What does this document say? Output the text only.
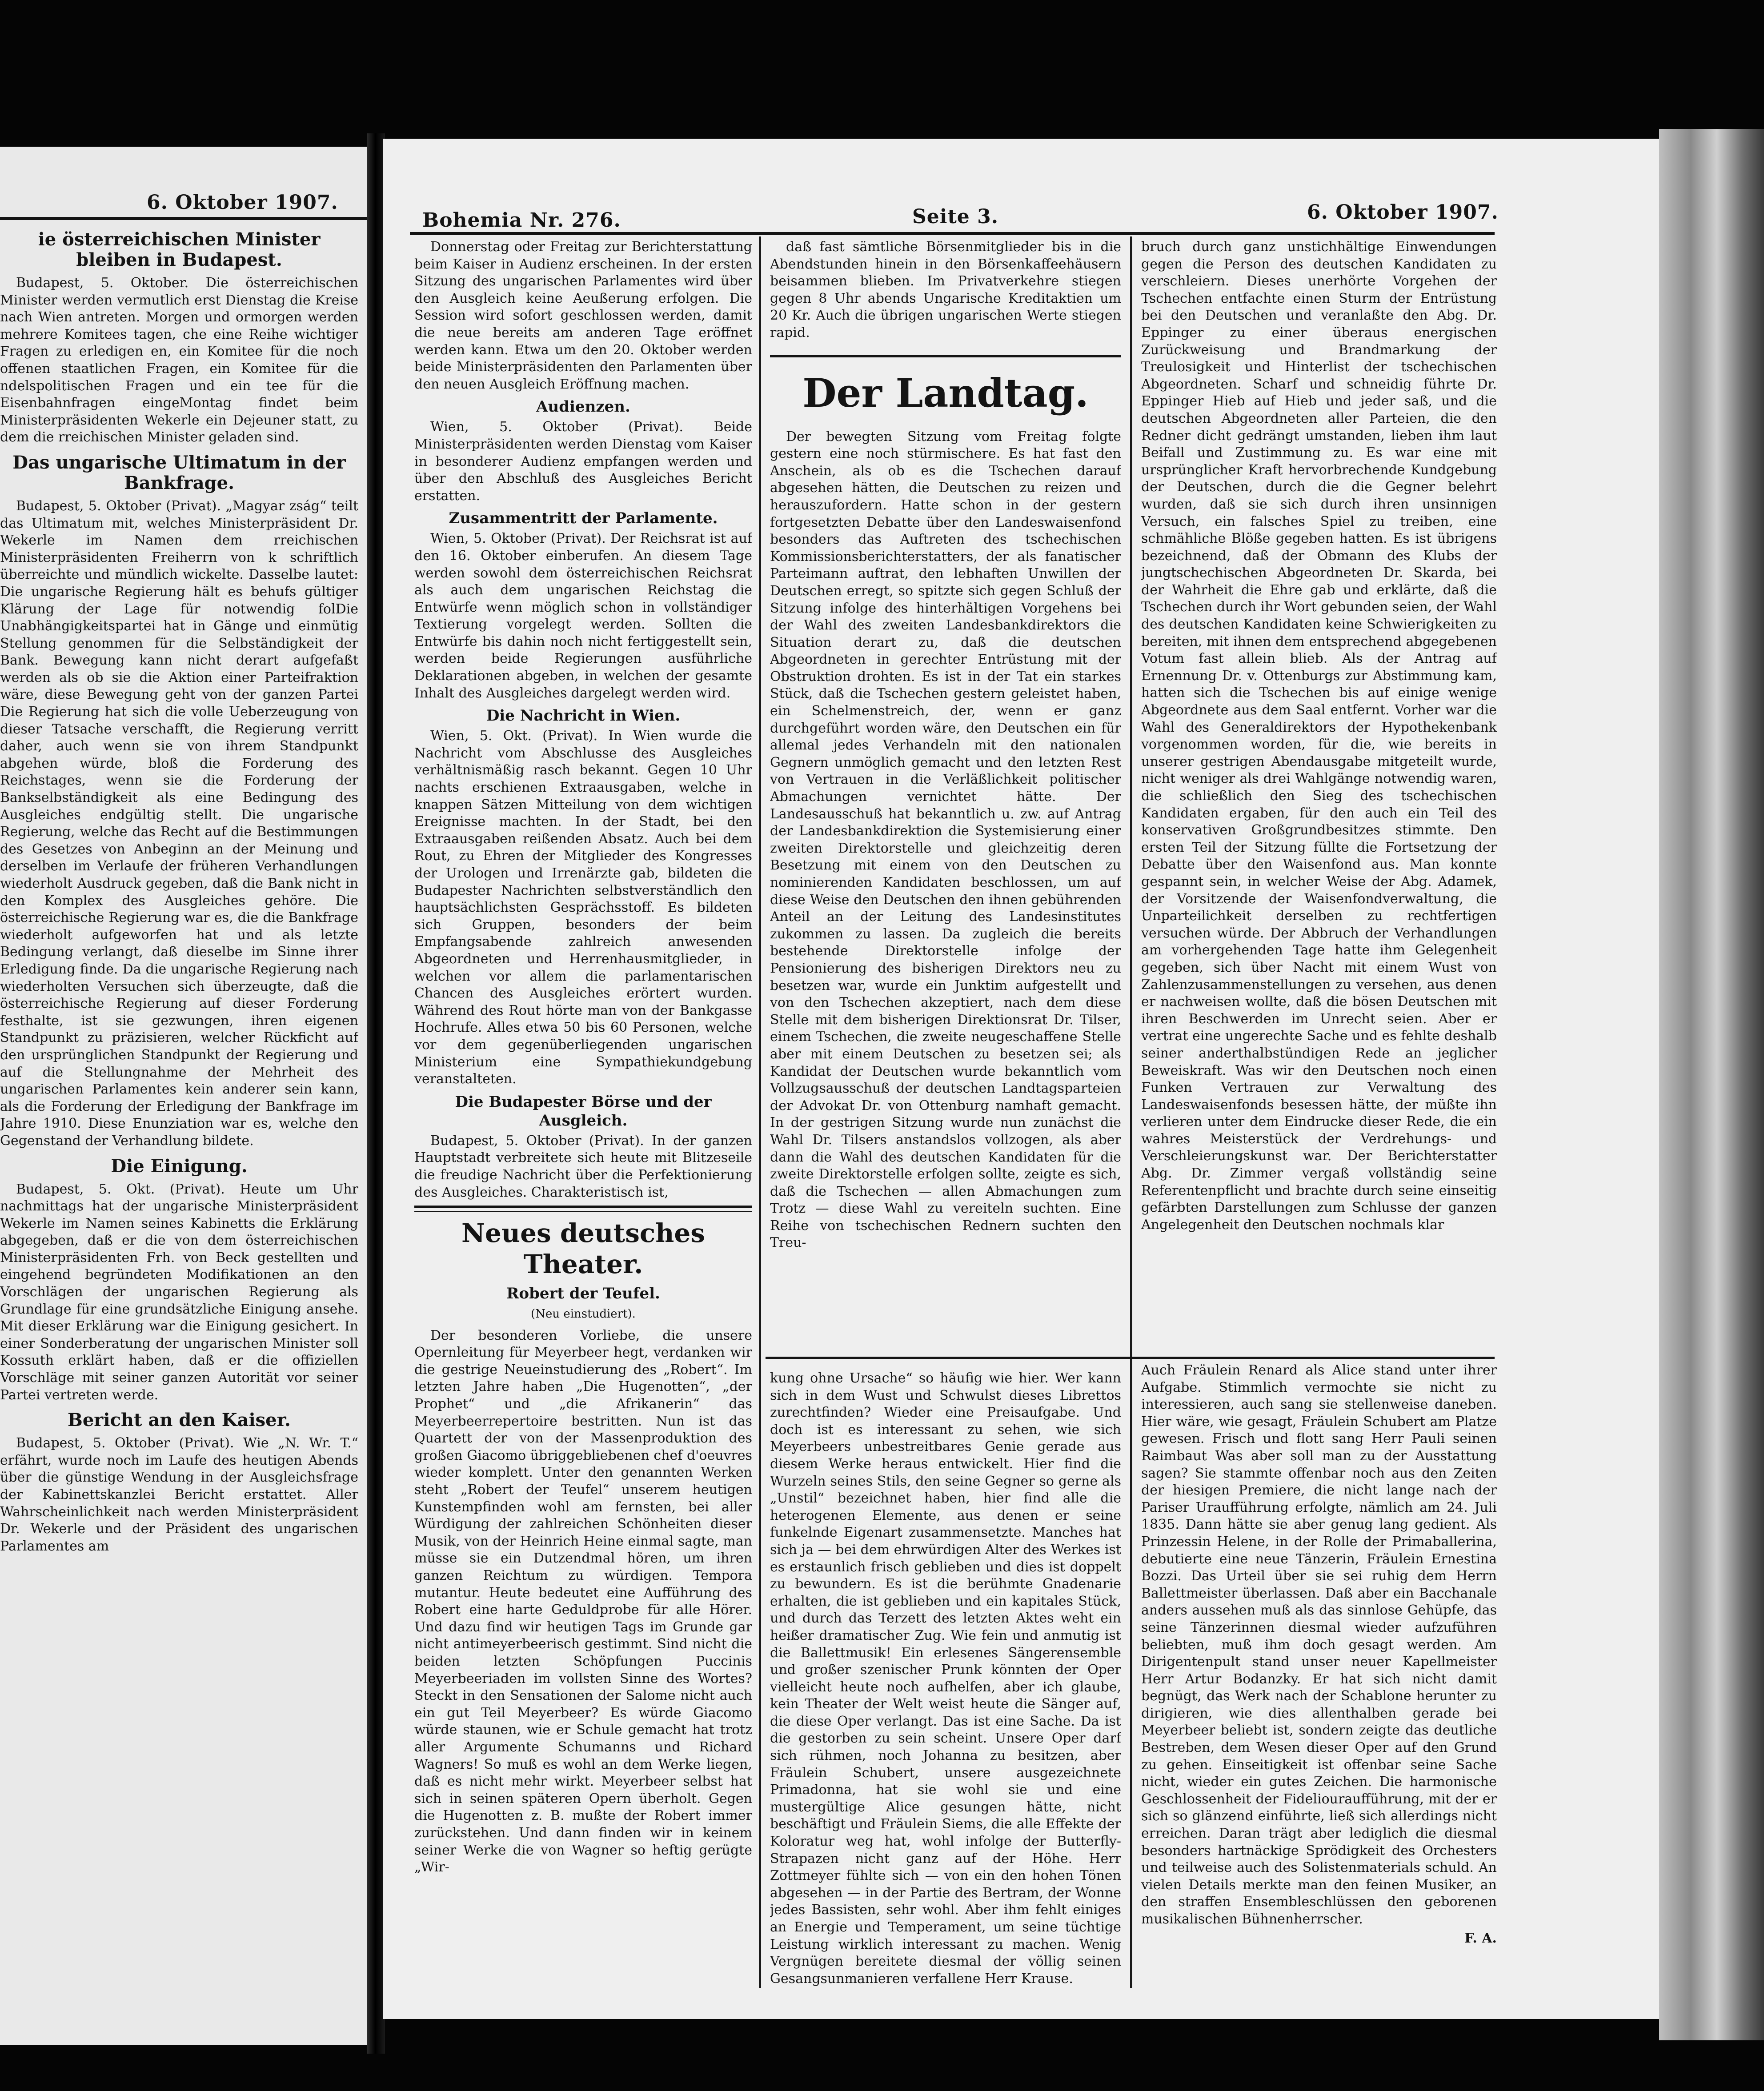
6. Oktober 1907.
ie österreichischen Minister bleiben in Budapest.

Budapest, 5. Oktober. Die österreichischen Minister werden vermutlich erst Dienstag die Kreise nach Wien antreten. Morgen und ormorgen werden mehrere Komitees tagen, che eine Reihe wichtiger Fragen zu erledigen en, ein Komitee für die noch offenen staatlichen Fragen, ein Komitee für die ndelspolitischen Fragen und ein tee für die Eisenbahnfragen eingeMontag findet beim Ministerpräsidenten Wekerle ein Dejeuner statt, zu dem die rreichischen Minister geladen sind.

Das ungarische Ultimatum in der Bankfrage.

Budapest, 5. Oktober (Privat). „Magyar zság“ teilt das Ultimatum mit, welches Ministerpräsident Dr. Wekerle im Namen dem rreichischen Ministerpräsidenten Freiherrn von k schriftlich überreichte und mündlich wickelte. Dasselbe lautet: Die ungarische Regierung hält es behufs gültiger Klärung der Lage für notwendig folDie Unabhängigkeitspartei hat in Gänge und einmütig Stellung genommen für die Selbständigkeit der Bank. Bewegung kann nicht derart aufgefaßt werden als ob sie die Aktion einer Parteifraktion wäre, diese Bewegung geht von der ganzen Partei Die Regierung hat sich die volle Ueberzeugung von dieser Tatsache verschafft, die Regierung verritt daher, auch wenn sie von ihrem Standpunkt abgehen würde, bloß die Forderung des Reichstages, wenn sie die Forderung der Bankselbständigkeit als eine Bedingung des Ausgleiches endgültig stellt. Die ungarische Regierung, welche das Recht auf die Bestimmungen des Gesetzes von Anbeginn an der Meinung und derselben im Verlaufe der früheren Verhandlungen wiederholt Ausdruck gegeben, daß die Bank nicht in den Komplex des Ausgleiches gehöre. Die österreichische Regierung war es, die die Bankfrage wiederholt aufgeworfen hat und als letzte Bedingung verlangt, daß dieselbe im Sinne ihrer Erledigung finde. Da die ungarische Regierung nach wiederholten Versuchen sich überzeugte, daß die österreichische Regierung auf dieser Forderung festhalte, ist sie gezwungen, ihren eigenen Standpunkt zu präzisieren, welcher Rückficht auf den ursprünglichen Standpunkt der Regierung und auf die Stellungnahme der Mehrheit des ungarischen Parlamentes kein anderer sein kann, als die Forderung der Erledigung der Bankfrage im Jahre 1910. Diese Enunziation war es, welche den Gegenstand der Verhandlung bildete.

Die Einigung.

Budapest, 5. Okt. (Privat). Heute um Uhr nachmittags hat der ungarische Ministerpräsident Wekerle im Namen seines Kabinetts die Erklärung abgegeben, daß er die von dem österreichischen Ministerpräsidenten Frh. von Beck gestellten und eingehend begründeten Modifikationen an den Vorschlägen der ungarischen Regierung als Grundlage für eine grundsätzliche Einigung ansehe. Mit dieser Erklärung war die Einigung gesichert. In einer Sonderberatung der ungarischen Minister soll Kossuth erklärt haben, daß er die offiziellen Vorschläge mit seiner ganzen Autorität vor seiner Partei vertreten werde.

Bericht an den Kaiser.

Budapest, 5. Oktober (Privat). Wie „N. Wr. T.“ erfährt, wurde noch im Laufe des heutigen Abends über die günstige Wendung in der Ausgleichsfrage der Kabinettskanzlei Bericht erstattet. Aller Wahrscheinlichkeit nach werden Ministerpräsident Dr. Wekerle und der Präsident des ungarischen Parlamentes am

Bohemia Nr. 276.	Seite 3.	6. Oktober 1907.

Donnerstag oder Freitag zur Berichterstattung beim Kaiser in Audienz erscheinen. In der ersten Sitzung des ungarischen Parlamentes wird über den Ausgleich keine Aeußerung erfolgen. Die Session wird sofort geschlossen werden, damit die neue bereits am anderen Tage eröffnet werden kann. Etwa um den 20. Oktober werden beide Ministerpräsidenten den Parlamenten über den neuen Ausgleich Eröffnung machen.

Audienzen.

Wien, 5. Oktober (Privat). Beide Ministerpräsidenten werden Dienstag vom Kaiser in besonderer Audienz empfangen werden und über den Abschluß des Ausgleiches Bericht erstatten.

Zusammentritt der Parlamente.

Wien, 5. Oktober (Privat). Der Reichsrat ist auf den 16. Oktober einberufen. An diesem Tage werden sowohl dem österreichischen Reichsrat als auch dem ungarischen Reichstag die Entwürfe wenn möglich schon in vollständiger Textierung vorgelegt werden. Sollten die Entwürfe bis dahin noch nicht fertiggestellt sein, werden beide Regierungen ausführliche Deklarationen abgeben, in welchen der gesamte Inhalt des Ausgleiches dargelegt werden wird.

Die Nachricht in Wien.

Wien, 5. Okt. (Privat). In Wien wurde die Nachricht vom Abschlusse des Ausgleiches verhältnismäßig rasch bekannt. Gegen 10 Uhr nachts erschienen Extraausgaben, welche in knappen Sätzen Mitteilung von dem wichtigen Ereignisse machten. In der Stadt, bei den Extraausgaben reißenden Absatz. Auch bei dem Rout, zu Ehren der Mitglieder des Kongresses der Urologen und Irrenärzte gab, bildeten die Budapester Nachrichten selbstverständlich den hauptsächlichsten Gesprächsstoff. Es bildeten sich Gruppen, besonders der beim Empfangsabende zahlreich anwesenden Abgeordneten und Herrenhausmitglieder, in welchen vor allem die parlamentarischen Chancen des Ausgleiches erörtert wurden. Während des Rout hörte man von der Bankgasse Hochrufe. Alles etwa 50 bis 60 Personen, welche vor dem gegenüberliegenden ungarischen Ministerium eine Sympathiekundgebung veranstalteten.

Die Budapester Börse und der Ausgleich.

Budapest, 5. Oktober (Privat). In der ganzen Hauptstadt verbreitete sich heute mit Blitzeseile die freudige Nachricht über die Perfektionierung des Ausgleiches. Charakteristisch ist,

Neues deutsches Theater.
Robert der Teufel.
(Neu einstudiert).

Der besonderen Vorliebe, die unsere Opernleitung für Meyerbeer hegt, verdanken wir die gestrige Neueinstudierung des „Robert“. Im letzten Jahre haben „Die Hugenotten“, „der Prophet“ und „die Afrikanerin“ das Meyerbeerrepertoire bestritten. Nun ist das Quartett der von der Massenproduktion des großen Giacomo übriggebliebenen chef d'oeuvres wieder komplett. Unter den genannten Werken steht „Robert der Teufel“ unserem heutigen Kunstempfinden wohl am fernsten, bei aller Würdigung der zahlreichen Schönheiten dieser Musik, von der Heinrich Heine einmal sagte, man müsse sie ein Dutzendmal hören, um ihren ganzen Reichtum zu würdigen. Tempora mutantur. Heute bedeutet eine Aufführung des Robert eine harte Geduldprobe für alle Hörer. Und dazu find wir heutigen Tags im Grunde gar nicht antimeyerbeerisch gestimmt. Sind nicht die beiden letzten Schöpfungen Puccinis Meyerbeeriaden im vollsten Sinne des Wortes? Steckt in den Sensationen der Salome nicht auch ein gut Teil Meyerbeer? Es würde Giacomo würde staunen, wie er Schule gemacht hat trotz aller Argumente Schumanns und Richard Wagners! So muß es wohl an dem Werke liegen, daß es nicht mehr wirkt. Meyerbeer selbst hat sich in seinen späteren Opern überholt. Gegen die Hugenotten z. B. mußte der Robert immer zurückstehen. Und dann finden wir in keinem seiner Werke die von Wagner so heftig gerügte „Wir-

daß fast sämtliche Börsenmitglieder bis in die Abendstunden hinein in den Börsenkaffeehäusern beisammen blieben. Im Privatverkehre stiegen gegen 8 Uhr abends Ungarische Kreditaktien um 20 Kr. Auch die übrigen ungarischen Werte stiegen rapid.

Der Landtag.

Der bewegten Sitzung vom Freitag folgte gestern eine noch stürmischere. Es hat fast den Anschein, als ob es die Tschechen darauf abgesehen hätten, die Deutschen zu reizen und herauszufordern. Hatte schon in der gestern fortgesetzten Debatte über den Landeswaisenfond besonders das Auftreten des tschechischen Kommissionsberichterstatters, der als fanatischer Parteimann auftrat, den lebhaften Unwillen der Deutschen erregt, so spitzte sich gegen Schluß der Sitzung infolge des hinterhältigen Vorgehens bei der Wahl des zweiten Landesbankdirektors die Situation derart zu, daß die deutschen Abgeordneten in gerechter Entrüstung mit der Obstruktion drohten. Es ist in der Tat ein starkes Stück, daß die Tschechen gestern geleistet haben, ein Schelmenstreich, der, wenn er ganz durchgeführt worden wäre, den Deutschen ein für allemal jedes Verhandeln mit den nationalen Gegnern unmöglich gemacht und den letzten Rest von Vertrauen in die Verläßlichkeit politischer Abmachungen vernichtet hätte. Der Landesausschuß hat bekanntlich u. zw. auf Antrag der Landesbankdirektion die Systemisierung einer zweiten Direktorstelle und gleichzeitig deren Besetzung mit einem von den Deutschen zu nominierenden Kandidaten beschlossen, um auf diese Weise den Deutschen den ihnen gebührenden Anteil an der Leitung des Landesinstitutes zukommen zu lassen. Da zugleich die bereits bestehende Direktorstelle infolge der Pensionierung des bisherigen Direktors neu zu besetzen war, wurde ein Junktim aufgestellt und von den Tschechen akzeptiert, nach dem diese Stelle mit dem bisherigen Direktionsrat Dr. Tilser, einem Tschechen, die zweite neugeschaffene Stelle aber mit einem Deutschen zu besetzen sei; als Kandidat der Deutschen wurde bekanntlich vom Vollzugsausschuß der deutschen Landtagsparteien der Advokat Dr. von Ottenburg namhaft gemacht. In der gestrigen Sitzung wurde nun zunächst die Wahl Dr. Tilsers anstandslos vollzogen, als aber dann die Wahl des deutschen Kandidaten für die zweite Direktorstelle erfolgen sollte, zeigte es sich, daß die Tschechen — allen Abmachungen zum Trotz — diese Wahl zu vereiteln suchten. Eine Reihe von tschechischen Rednern suchten den Treu-

kung ohne Ursache“ so häufig wie hier. Wer kann sich in dem Wust und Schwulst dieses Librettos zurechtfinden? Wieder eine Preisaufgabe. Und doch ist es interessant zu sehen, wie sich Meyerbeers unbestreitbares Genie gerade aus diesem Werke heraus entwickelt. Hier find die Wurzeln seines Stils, den seine Gegner so gerne als „Unstil“ bezeichnet haben, hier find alle die heterogenen Elemente, aus denen er seine funkelnde Eigenart zusammensetzte. Manches hat sich ja — bei dem ehrwürdigen Alter des Werkes ist es erstaunlich frisch geblieben und dies ist doppelt zu bewundern. Es ist die berühmte Gnadenarie erhalten, die ist geblieben und ein kapitales Stück, und durch das Terzett des letzten Aktes weht ein heißer dramatischer Zug. Wie fein und anmutig ist die Ballettmusik! Ein erlesenes Sängerensemble und großer szenischer Prunk könnten der Oper vielleicht heute noch aufhelfen, aber ich glaube, kein Theater der Welt weist heute die Sänger auf, die diese Oper verlangt. Das ist eine Sache. Da ist die gestorben zu sein scheint. Unsere Oper darf sich rühmen, noch Johanna zu besitzen, aber Fräulein Schubert, unsere ausgezeichnete Primadonna, hat sie wohl sie und eine mustergültige Alice gesungen hätte, nicht beschäftigt und Fräulein Siems, die alle Effekte der Koloratur weg hat, wohl infolge der Butterfly-Strapazen nicht ganz auf der Höhe. Herr Zottmeyer fühlte sich — von ein den hohen Tönen abgesehen — in der Partie des Bertram, der Wonne jedes Bassisten, sehr wohl. Aber ihm fehlt einiges an Energie und Temperament, um seine tüchtige Leistung wirklich interessant zu machen. Wenig Vergnügen bereitete diesmal der völlig seinen Gesangsunmanieren verfallene Herr Krause.

bruch durch ganz unstichhältige Einwendungen gegen die Person des deutschen Kandidaten zu verschleiern. Dieses unerhörte Vorgehen der Tschechen entfachte einen Sturm der Entrüstung bei den Deutschen und veranlaßte den Abg. Dr. Eppinger zu einer überaus energischen Zurückweisung und Brandmarkung der Treulosigkeit und Hinterlist der tschechischen Abgeordneten. Scharf und schneidig führte Dr. Eppinger Hieb auf Hieb und jeder saß, und die deutschen Abgeordneten aller Parteien, die den Redner dicht gedrängt umstanden, lieben ihm laut Beifall und Zustimmung zu. Es war eine mit ursprünglicher Kraft hervorbrechende Kundgebung der Deutschen, durch die die Gegner belehrt wurden, daß sie sich durch ihren unsinnigen Versuch, ein falsches Spiel zu treiben, eine schmähliche Blöße gegeben hatten. Es ist übrigens bezeichnend, daß der Obmann des Klubs der jungtschechischen Abgeordneten Dr. Skarda, bei der Wahrheit die Ehre gab und erklärte, daß die Tschechen durch ihr Wort gebunden seien, der Wahl des deutschen Kandidaten keine Schwierigkeiten zu bereiten, mit ihnen dem entsprechend abgegebenen Votum fast allein blieb. Als der Antrag auf Ernennung Dr. v. Ottenburgs zur Abstimmung kam, hatten sich die Tschechen bis auf einige wenige Abgeordnete aus dem Saal entfernt. Vorher war die Wahl des Generaldirektors der Hypothekenbank vorgenommen worden, für die, wie bereits in unserer gestrigen Abendausgabe mitgeteilt wurde, nicht weniger als drei Wahlgänge notwendig waren, die schließlich den Sieg des tschechischen Kandidaten ergaben, für den auch ein Teil des konservativen Großgrundbesitzes stimmte. Den ersten Teil der Sitzung füllte die Fortsetzung der Debatte über den Waisenfond aus. Man konnte gespannt sein, in welcher Weise der Abg. Adamek, der Vorsitzende der Waisenfondverwaltung, die Unparteilichkeit derselben zu rechtfertigen versuchen würde. Der Abbruch der Verhandlungen am vorhergehenden Tage hatte ihm Gelegenheit gegeben, sich über Nacht mit einem Wust von Zahlenzusammenstellungen zu versehen, aus denen er nachweisen wollte, daß die bösen Deutschen mit ihren Beschwerden im Unrecht seien. Aber er vertrat eine ungerechte Sache und es fehlte deshalb seiner anderthalbstündigen Rede an jeglicher Beweiskraft. Was wir den Deutschen noch einen Funken Vertrauen zur Verwaltung des Landeswaisenfonds besessen hätte, der müßte ihn verlieren unter dem Eindrucke dieser Rede, die ein wahres Meisterstück der Verdrehungs- und Verschleierungskunst war. Der Berichterstatter Abg. Dr. Zimmer vergaß vollständig seine Referentenpflicht und brachte durch seine einseitig gefärbten Darstellungen zum Schlusse der ganzen Angelegenheit den Deutschen nochmals klar

Auch Fräulein Renard als Alice stand unter ihrer Aufgabe. Stimmlich vermochte sie nicht zu interessieren, auch sang sie stellenweise daneben. Hier wäre, wie gesagt, Fräulein Schubert am Platze gewesen. Frisch und flott sang Herr Pauli seinen Raimbaut Was aber soll man zu der Ausstattung sagen? Sie stammte offenbar noch aus den Zeiten der hiesigen Premiere, die nicht lange nach der Pariser Uraufführung erfolgte, nämlich am 24. Juli 1835. Dann hätte sie aber genug lang gedient. Als Prinzessin Helene, in der Rolle der Primaballerina, debutierte eine neue Tänzerin, Fräulein Ernestina Bozzi. Das Urteil über sie sei ruhig dem Herrn Ballettmeister überlassen. Daß aber ein Bacchanale anders aussehen muß als das sinnlose Gehüpfe, das seine Tänzerinnen diesmal wieder aufzuführen beliebten, muß ihm doch gesagt werden. Am Dirigentenpult stand unser neuer Kapellmeister Herr Artur Bodanzky. Er hat sich nicht damit begnügt, das Werk nach der Schablone herunter zu dirigieren, wie dies allenthalben gerade bei Meyerbeer beliebt ist, sondern zeigte das deutliche Bestreben, dem Wesen dieser Oper auf den Grund zu gehen. Einseitigkeit ist offenbar seine Sache nicht, wieder ein gutes Zeichen. Die harmonische Geschlossenheit der Fideliouraufführung, mit der er sich so glänzend einführte, ließ sich allerdings nicht erreichen. Daran trägt aber lediglich die diesmal besonders hartnäckige Sprödigkeit des Orchesters und teilweise auch des Solistenmaterials schuld. An vielen Details merkte man den feinen Musiker, an den straffen Ensembleschlüssen den geborenen musikalischen Bühnenherrscher.

F. A.
